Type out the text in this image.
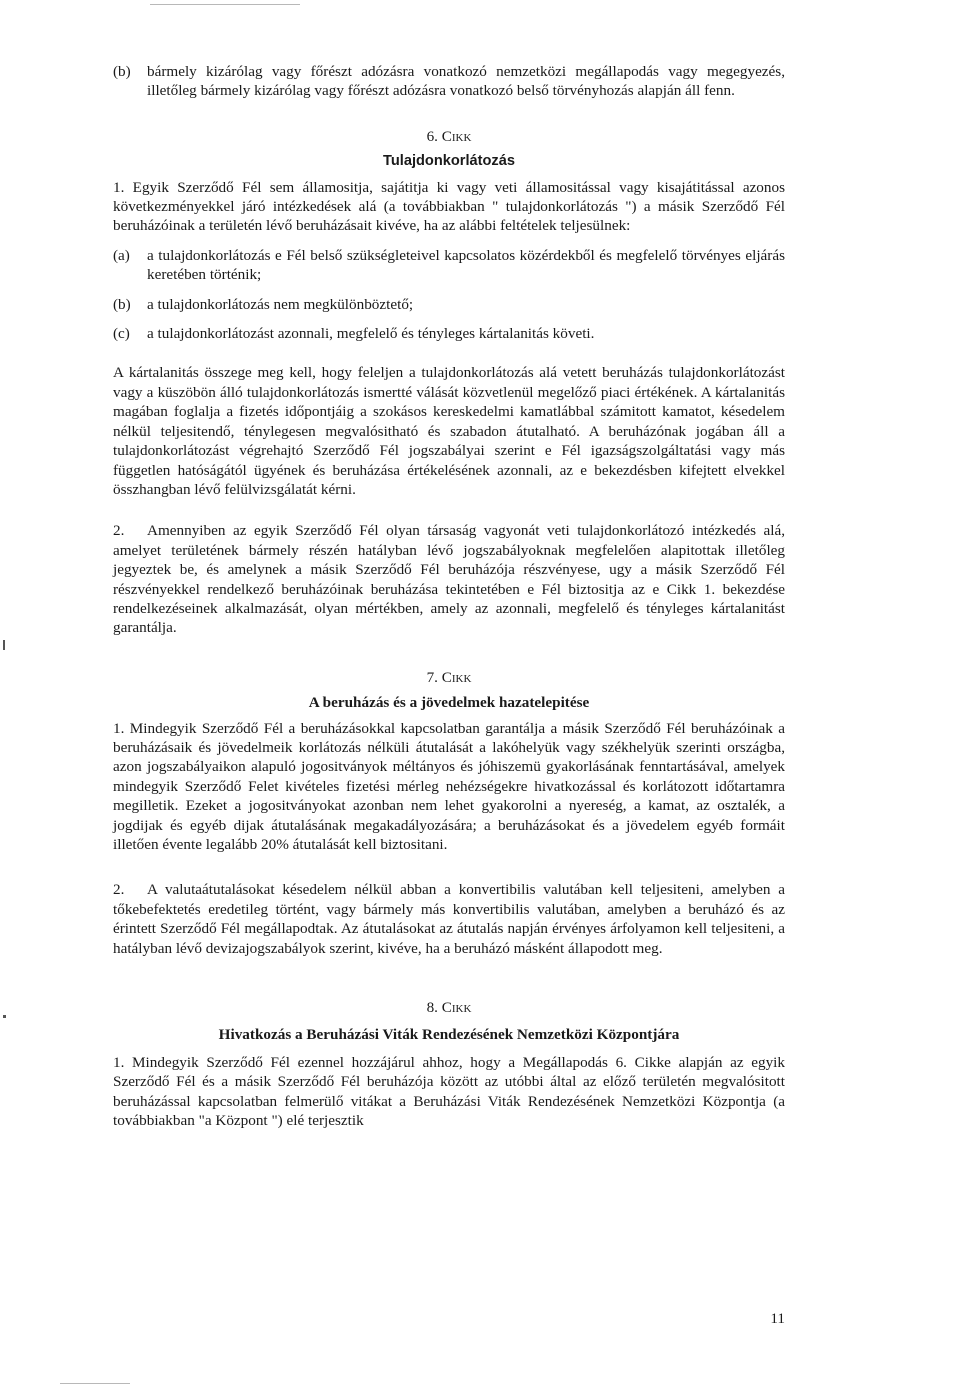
(b)	bármely kizárólag vagy főrészt adózásra vonatkozó nemzetközi megállapodás vagy megegyezés, illetőleg bármely kizárólag vagy főrészt adózásra vonatkozó belső törvényhozás alapján áll fenn.
6. Cikk
Tulajdonkorlátozás

1. Egyik Szerződő Fél sem államositja, sajátitja ki vagy veti államositással vagy kisajátitással azonos következményekkel járó intézkedések alá (a továbbiakban " tulajdonkorlátozás ") a másik Szerződő Fél beruházóinak a területén lévő beruházásait kivéve, ha az alábbi feltételek teljesülnek:

(a)	a tulajdonkorlátozás e Fél belső szükségleteivel kapcsolatos közérdekből és megfelelő törvényes eljárás keretében történik;
(b)	a tulajdonkorlátozás nem megkülönböztető;
(c)	a tulajdonkorlátozást azonnali, megfelelő és tényleges kártalanitás követi.

A kártalanitás összege meg kell, hogy feleljen a tulajdonkorlátozás alá vetett beruházás tulajdonkorlátozást vagy a küszöbön álló tulajdonkorlátozás ismertté válását közvetlenül megelőző piaci értékének. A kártalanitás magában foglalja a fizetés időpontjáig a szokásos kereskedelmi kamatlábbal számitott kamatot, késedelem nélkül teljesitendő, ténylegesen megvalósitható és szabadon átutalható. A beruházónak jogában áll a tulajdonkorlátozást végrehajtó Szerződő Fél jogszabályai szerint e Fél igazságszolgáltatási vagy más független hatóságától ügyének és beruházása értékelésének azonnali, az e bekezdésben kifejtett elvekkel összhangban lévő felülvizsgálatát kérni.

2. Amennyiben az egyik Szerződő Fél olyan társaság vagyonát veti tulajdonkorlátozó intézkedés alá, amelyet területének bármely részén hatályban lévő jogszabályoknak megfelelően alapitottak illetőleg jegyeztek be, és amelynek a másik Szerződő Fél beruházója részvényese, ugy a másik Szerződő Fél részvényekkel rendelkező beruházóinak beruházása tekintetében e Fél biztositja az e Cikk 1. bekezdése rendelkezéseinek alkalmazását, olyan mértékben, amely az azonnali, megfelelő és tényleges kártalanitást garantálja.

7. Cikk
A beruházás és a jövedelmek hazatelepitése

1. Mindegyik Szerződő Fél a beruházásokkal kapcsolatban garantálja a másik Szerződő Fél beruházóinak a beruházásaik és jövedelmeik korlátozás nélküli átutalását a lakóhelyük vagy székhelyük szerinti országba, azon jogszabályaikon alapuló jogositványok méltányos és jóhiszemü gyakorlásának fenntartásával, amelyek mindegyik Szerződő Felet kivételes fizetési mérleg nehézségekre hivatkozással és korlátozott időtartamra megilletik. Ezeket a jogositványokat azonban nem lehet gyakorolni a nyereség, a kamat, az osztalék, a jogdijak és egyéb dijak átutalásának megakadályozására; a beruházásokat és a jövedelem egyéb formáit illetően évente legalább 20% átutalását kell biztositani.

2. A valutaátutalásokat késedelem nélkül abban a konvertibilis valutában kell teljesiteni, amelyben a tőkebefektetés eredetileg történt, vagy bármely más konvertibilis valutában, amelyben a beruházó és az érintett Szerződő Fél megállapodtak. Az átutalásokat az átutalás napján érvényes árfolyamon kell teljesiteni, a hatályban lévő devizajogszabályok szerint, kivéve, ha a beruházó másként állapodott meg.

8. Cikk
Hivatkozás a Beruházási Viták Rendezésének Nemzetközi Központjára

1. Mindegyik Szerződő Fél ezennel hozzájárul ahhoz, hogy a Megállapodás 6. Cikke alapján az egyik Szerződő Fél és a másik Szerződő Fél beruházója között az utóbbi által az előző területén megvalósitott beruházással kapcsolatban felmerülő vitákat a Beruházási Viták Rendezésének Nemzetközi Központja (a továbbiakban "a Központ ") elé terjesztik

11
